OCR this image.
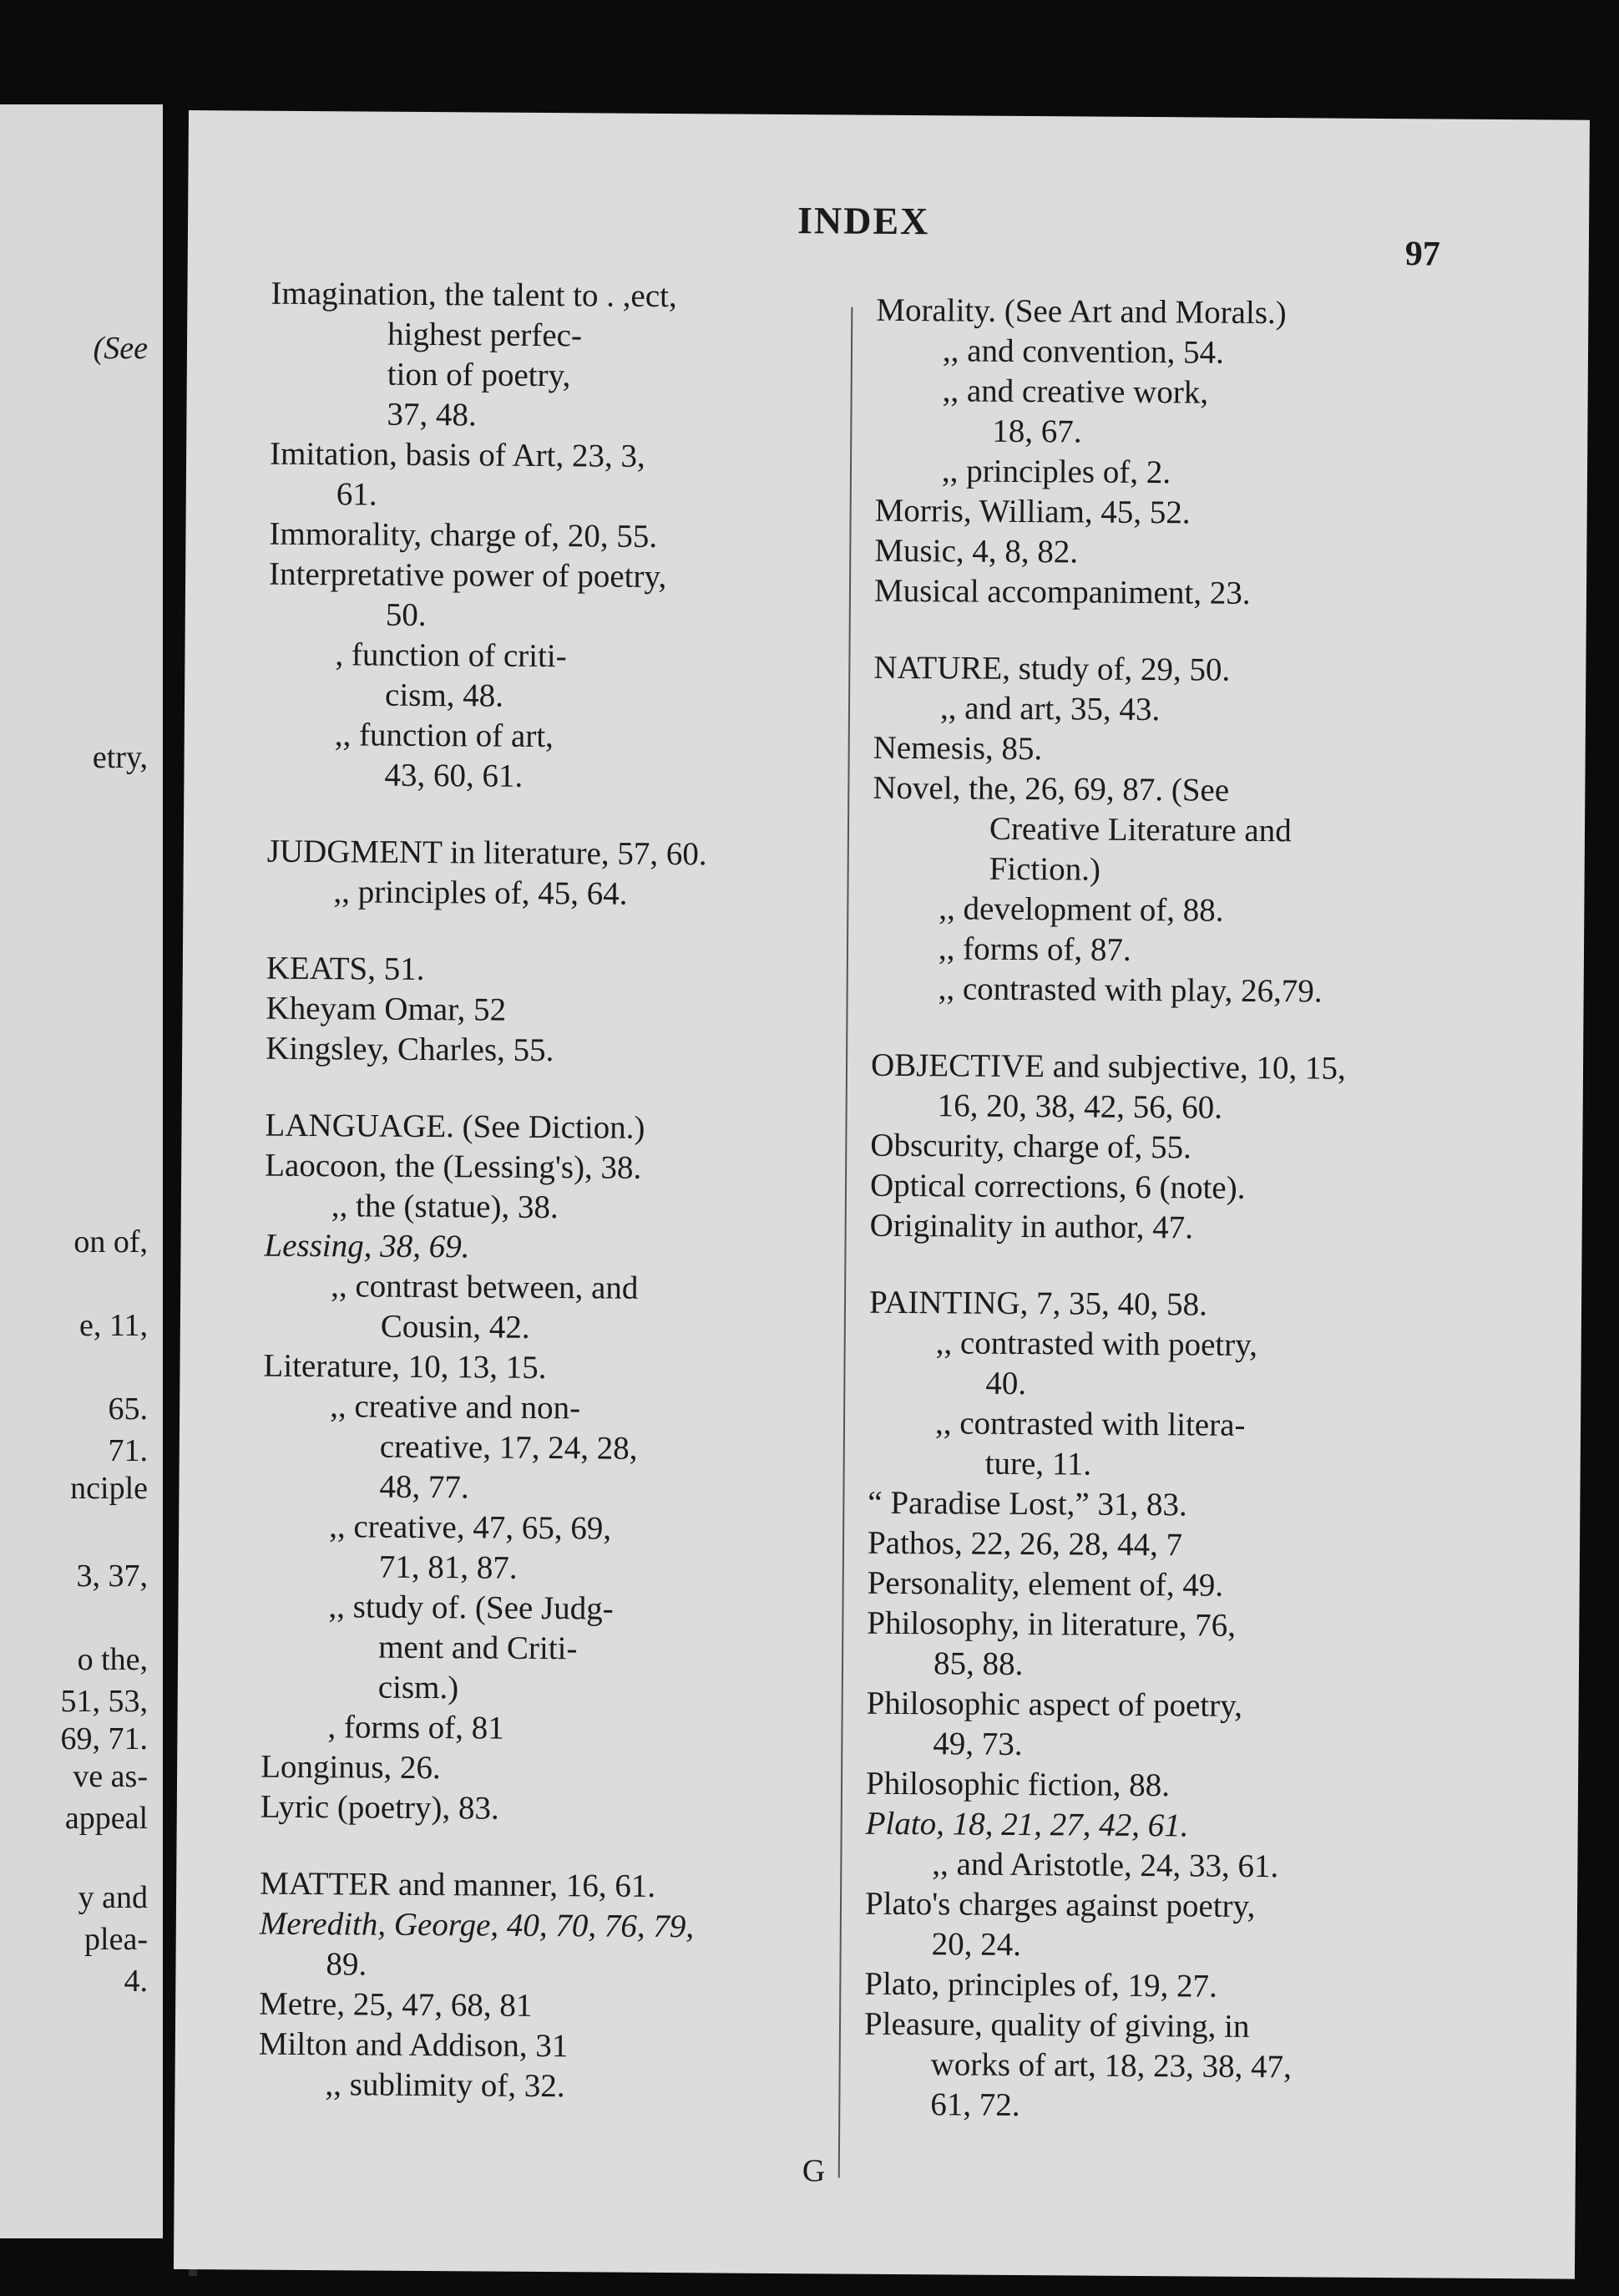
(See
etry,
on of,
e, 11,
65.
71.
nciple
3, 37,
o the,
51, 53,
69, 71.
ve as-
appeal
y and
plea-
4.
INDEX
97
Imagination, the talent to . ,ect,
highest perfec-
tion of poetry,
37, 48.
Imitation, basis of Art, 23, 3,
61.
Immorality, charge of, 20, 55.
Interpretative power of poetry,
50.
, function of criti-
cism, 48.
,, function of art,
43, 60, 61.
JUDGMENT in literature, 57, 60.
,, principles of, 45, 64.
KEATS, 51.
Kheyam Omar, 52
Kingsley, Charles, 55.
LANGUAGE. (See Diction.)
Laocoon, the (Lessing's), 38.
,, the (statue), 38.
Lessing, 38, 69.
,, contrast between, and
Cousin, 42.
Literature, 10, 13, 15.
,, creative and non-
creative, 17, 24, 28,
48, 77.
,, creative, 47, 65, 69,
71, 81, 87.
,, study of. (See Judg-
ment and Criti-
cism.)
, forms of, 81
Longinus, 26.
Lyric (poetry), 83.
MATTER and manner, 16, 61.
Meredith, George, 40, 70, 76, 79,
89.
Metre, 25, 47, 68, 81
Milton and Addison, 31
,, sublimity of, 32.
Morality. (See Art and Morals.)
,, and convention, 54.
,, and creative work,
18, 67.
,, principles of, 2.
Morris, William, 45, 52.
Music, 4, 8, 82.
Musical accompaniment, 23.
NATURE, study of, 29, 50.
,, and art, 35, 43.
Nemesis, 85.
Novel, the, 26, 69, 87. (See
Creative Literature and
Fiction.)
,, development of, 88.
,, forms of, 87.
,, contrasted with play, 26,79.
OBJECTIVE and subjective, 10, 15,
16, 20, 38, 42, 56, 60.
Obscurity, charge of, 55.
Optical corrections, 6 (note).
Originality in author, 47.
PAINTING, 7, 35, 40, 58.
,, contrasted with poetry,
40.
,, contrasted with litera-
ture, 11.
“ Paradise Lost,” 31, 83.
Pathos, 22, 26, 28, 44, 7
Personality, element of, 49.
Philosophy, in literature, 76,
85, 88.
Philosophic aspect of poetry,
49, 73.
Philosophic fiction, 88.
Plato, 18, 21, 27, 42, 61.
,, and Aristotle, 24, 33, 61.
Plato's charges against poetry,
20, 24.
Plato, principles of, 19, 27.
Pleasure, quality of giving, in
works of art, 18, 23, 38, 47,
61, 72.
G
